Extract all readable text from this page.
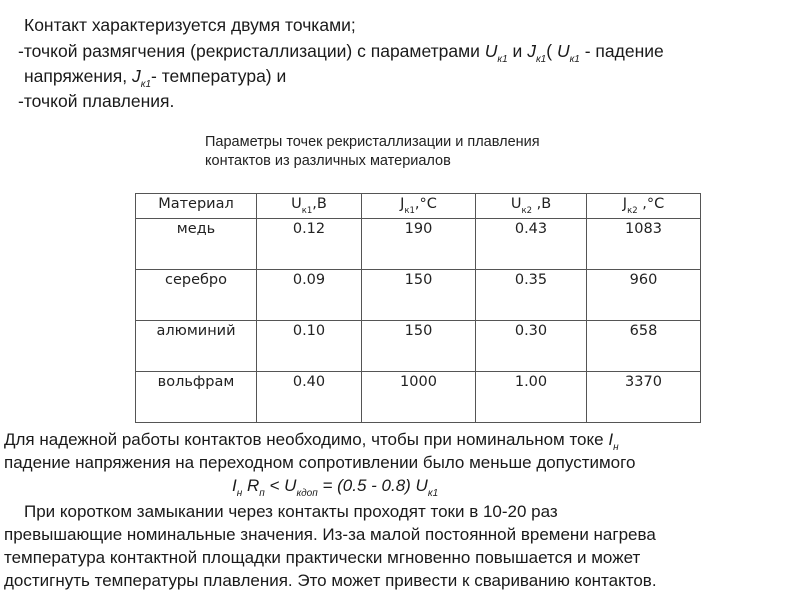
Контакт характеризуется двумя точками;
-точкой размягчения (рекристаллизации) с параметрами $U_{к1}$ и $J_{к1}$( $U_{к1}$ - падение
напряжения, $J_{к1}-$ температура) и
-точкой плавления.
Параметры точек рекристаллизации и плавления
контактов из различных материалов
Материал	$U_{к1},В$	$J_{к1},^\circ C$	$U_{к2}$ ,В	$J_{к2}$ ,°C
медь	0.12	190	0.43	1083
серебро	0.09	150	0.35	960
алюминий	0.10	150	0.30	658
вольфрам	0.40	1000	1.00	3370
Для надежной работы контактов необходимо, чтобы при номинальном токе $I_н$
падение напряжения на переходном сопротивлении было меньше допустимого
$I_н$ $R_п < U_{кдоп} = (0.5 - 0.8)$ $U_{к1}$
При коротком замыкании через контакты проходят токи в 10-20 раз
превышающие номинальные значения. Из-за малой постоянной времени нагрева
температура контактной площадки практически мгновенно повышается и может
достигнуть температуры плавления. Это может привести к свариванию контактов.
